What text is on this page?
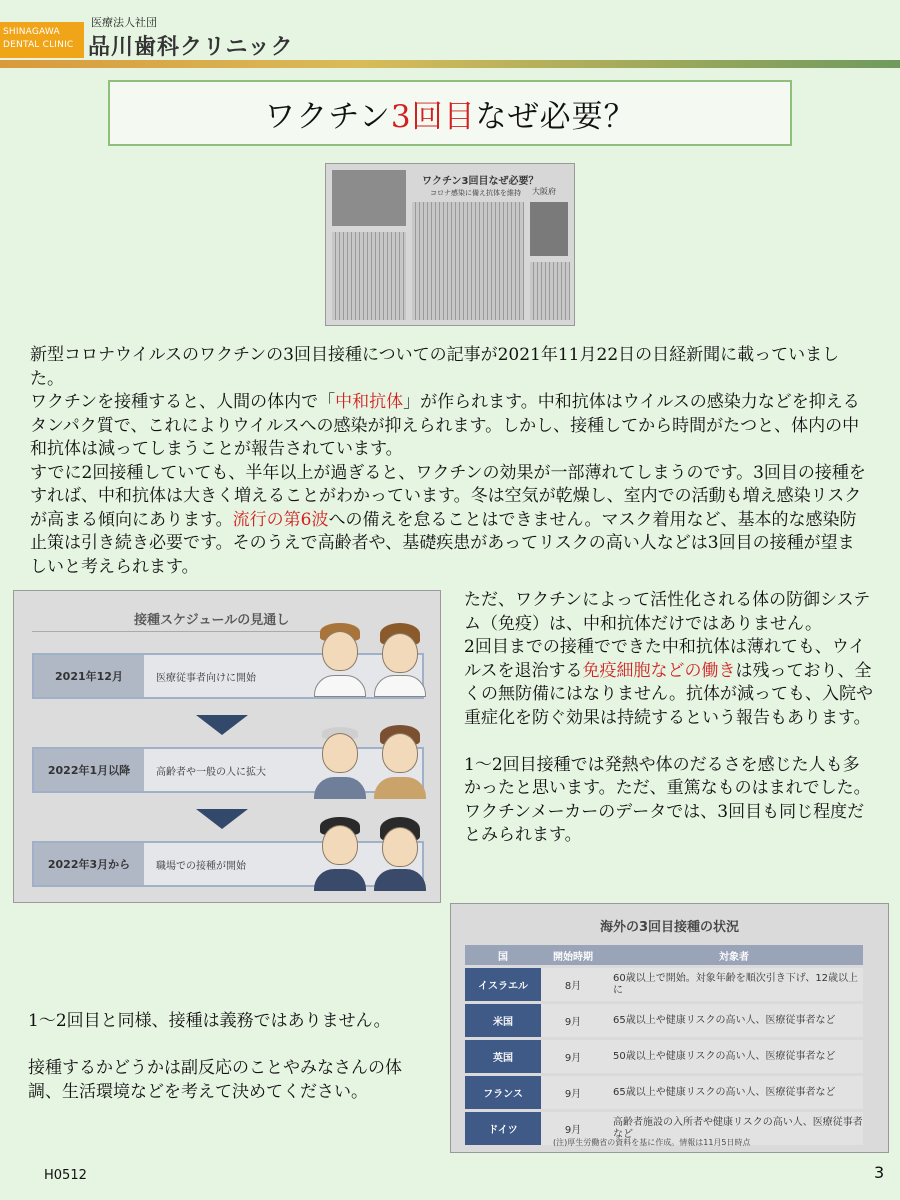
SHINAGAWA
DENTAL CLINIC
医療法人社団
品川歯科クリニック
ワクチン 3回目 なぜ必要？
ワクチン3回目なぜ必要？
コロナ感染に備え抗体を維持 大阪府
新型コロナウイルスのワクチンの3回目接種についての記事が2021年11月22日の日経新聞に載っていました。
ワクチンを接種すると、人間の体内で「中和抗体」が作られます。中和抗体はウイルスの感染力などを抑えるタンパク質で、これによりウイルスへの感染が抑えられます。しかし、接種してから時間がたつと、体内の中和抗体は減ってしまうことが報告されています。
すでに2回接種していても、半年以上が過ぎると、ワクチンの効果が一部薄れてしまうのです。3回目の接種をすれば、中和抗体は大きく増えることがわかっています。冬は空気が乾燥し、室内での活動も増え感染リスクが高まる傾向にあります。流行の第6波への備えを怠ることはできません。マスク着用など、基本的な感染防止策は引き続き必要です。そのうえで高齢者や、基礎疾患があってリスクの高い人などは3回目の接種が望ましいと考えられます。
接種スケジュールの見通し
2021年12月	医療従事者向けに開始
2022年1月以降	高齢者や一般の人に拡大
2022年3月から	職場での接種が開始
ただ、ワクチンによって活性化される体の防御システム（免疫）は、中和抗体だけではありません。
2回目までの接種でできた中和抗体は薄れても、ウイルスを退治する免疫細胞などの働きは残っており、全くの無防備にはなりません。抗体が減っても、入院や重症化を防ぐ効果は持続するという報告もあります。
1～2回目接種では発熱や体のだるさを感じた人も多かったと思います。ただ、重篤なものはまれでした。ワクチンメーカーのデータでは、3回目も同じ程度だとみられます。
1～2回目と同様、接種は義務ではありません。
接種するかどうかは副反応のことやみなさんの体調、生活環境などを考えて決めてください。
海外の3回目接種の状況
国	開始時期	対象者
イスラエル	8月	60歳以上で開始。対象年齢を順次引き下げ、12歳以上に
米国	9月	65歳以上や健康リスクの高い人、医療従事者など
英国	9月	50歳以上や健康リスクの高い人、医療従事者など
フランス	9月	65歳以上や健康リスクの高い人、医療従事者など
ドイツ	9月	高齢者施設の入所者や健康リスクの高い人、医療従事者など
(注)厚生労働省の資料を基に作成。情報は11月5日時点
H0512	3
